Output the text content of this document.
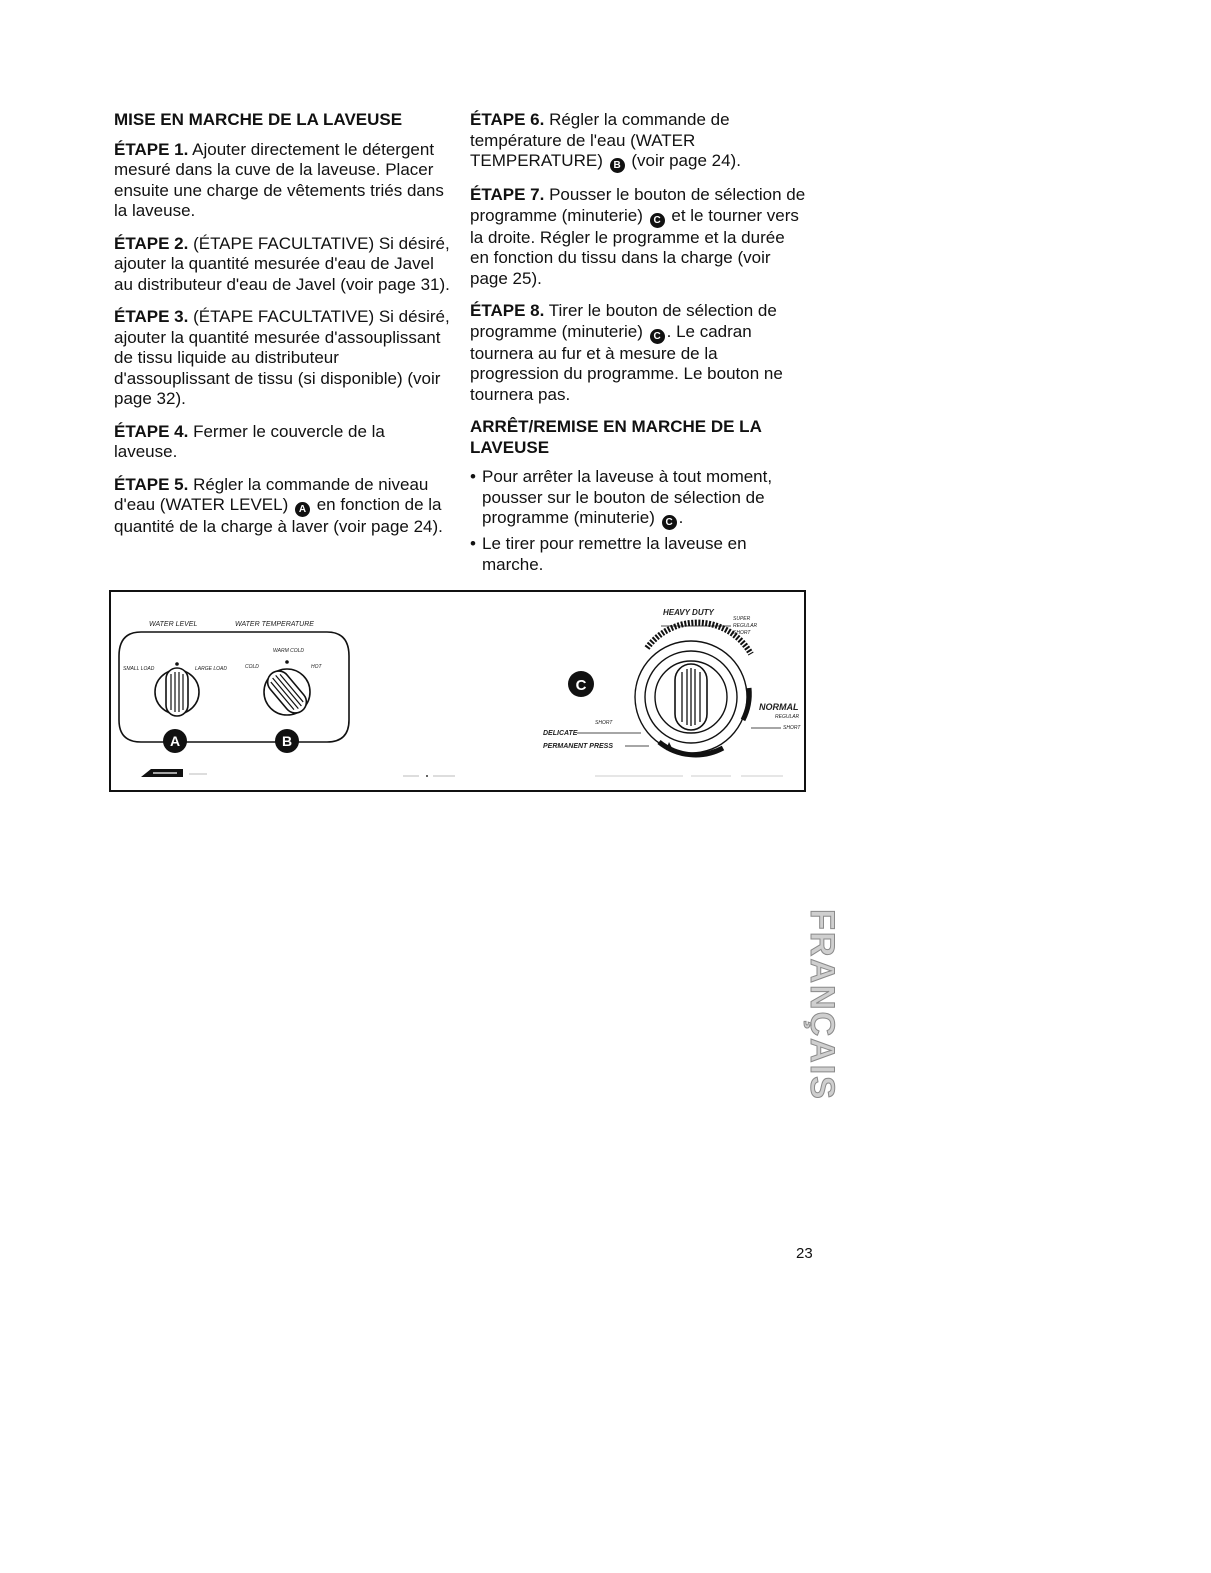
MISE EN MARCHE DE LA LAVEUSE

ÉTAPE 1. Ajouter directement le détergent mesuré dans la cuve de la laveuse. Placer ensuite une charge de vêtements triés dans la laveuse.

ÉTAPE 2. (ÉTAPE FACULTATIVE) Si désiré, ajouter la quantité mesurée d'eau de Javel au distributeur d'eau de Javel (voir page 31).

ÉTAPE 3. (ÉTAPE FACULTATIVE) Si désiré, ajouter la quantité mesurée d'assouplissant de tissu liquide au distributeur d'assouplissant de tissu (si disponible) (voir page 32).

ÉTAPE 4. Fermer le couvercle de la laveuse.

ÉTAPE 5. Régler la commande de niveau d'eau (WATER LEVEL) A en fonction de la quantité de la charge à laver (voir page 24).

ÉTAPE 6. Régler la commande de température de l'eau (WATER TEMPERATURE) B (voir page 24).

ÉTAPE 7. Pousser le bouton de sélection de programme (minuterie) C et le tourner vers la droite. Régler le programme et la durée en fonction du tissu dans la charge (voir page 25).

ÉTAPE 8. Tirer le bouton de sélection de programme (minuterie) C . Le cadran tournera au fur et à mesure de la progression du programme. Le bouton ne tournera pas.

ARRÊT/REMISE EN MARCHE DE LA LAVEUSE
• Pour arrêter la laveuse à tout moment, pousser sur le bouton de sélection de programme (minuterie) C .
• Le tirer pour remettre la laveuse en marche.
WATER LEVEL	WATER TEMPERATURE
SMALL LOAD	LARGE LOAD
WARM COLD
COLD	HOT
A	B
HEAVY DUTY
SUPER
REGULAR
SHORT
NORMAL
REGULAR
SHORT
SHORT
DELICATE
PERMANENT PRESS
C
FRANÇAIS
23
